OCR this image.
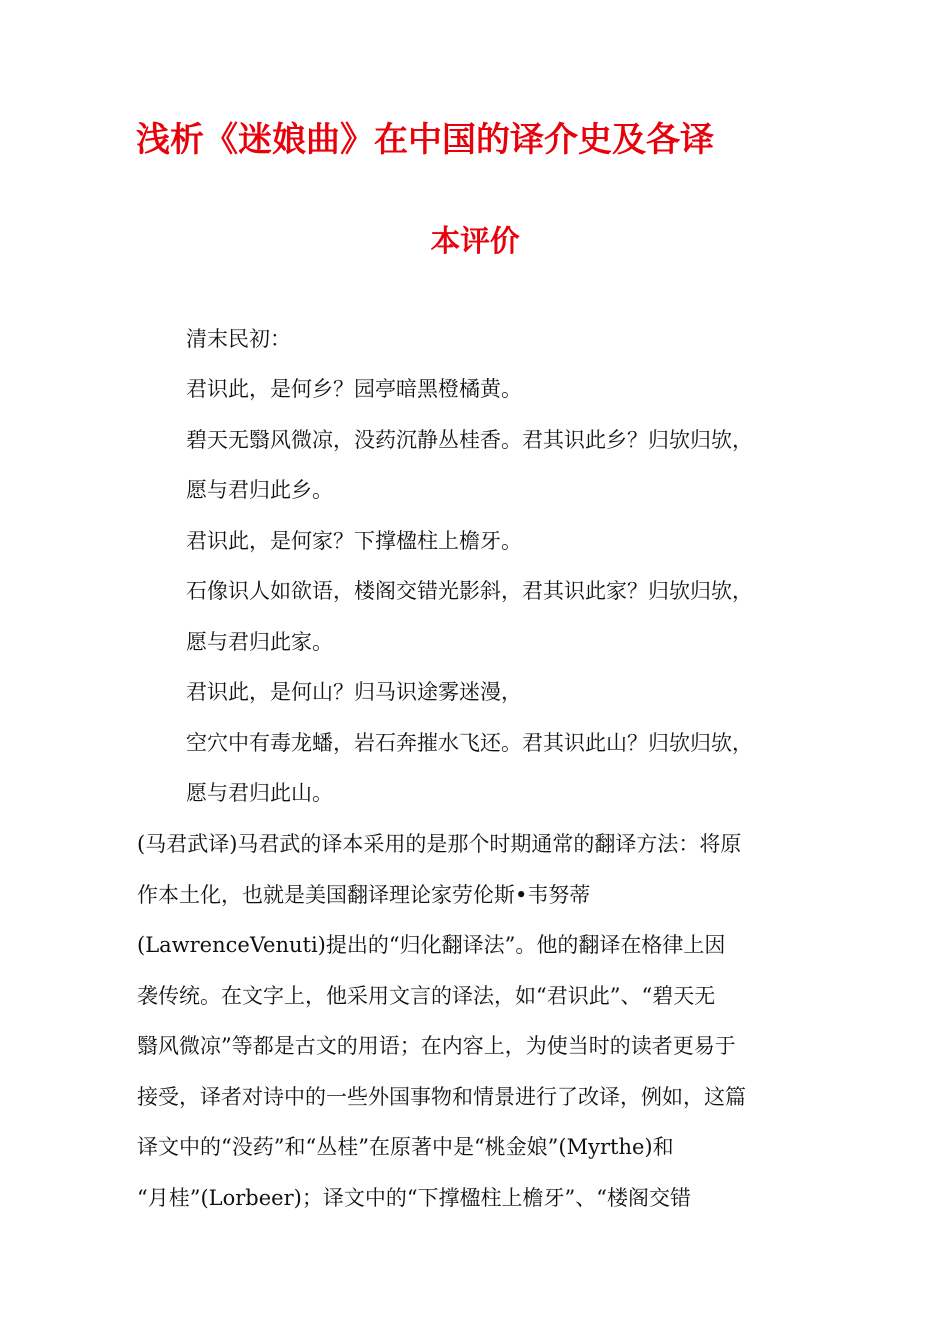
浅析《迷娘曲》在中国的译介史及各译
本评价
清末民初：
君识此，是何乡？园亭暗黑橙橘黄。
碧天无翳风微凉，没药沉静丛桂香。君其识此乡？归欤归欤，
愿与君归此乡。
君识此，是何家？下撑楹柱上檐牙。
石像识人如欲语，楼阁交错光影斜，君其识此家？归欤归欤，
愿与君归此家。
君识此，是何山？归马识途雾迷漫，
空穴中有毒龙蟠，岩石奔摧水飞还。君其识此山？归欤归欤，
愿与君归此山。
(马君武译)马君武的译本采用的是那个时期通常的翻译方法：将原
作本土化，也就是美国翻译理论家劳伦斯•韦努蒂
(LawrenceVenuti)提出的“归化翻译法”。他的翻译在格律上因
袭传统。在文字上，他采用文言的译法，如“君识此”、“碧天无
翳风微凉”等都是古文的用语；在内容上，为使当时的读者更易于
接受，译者对诗中的一些外国事物和情景进行了改译，例如，这篇
译文中的“没药”和“丛桂”在原著中是“桃金娘”(Myrthe)和
“月桂”(Lorbeer)；译文中的“下撑楹柱上檐牙”、“楼阁交错
